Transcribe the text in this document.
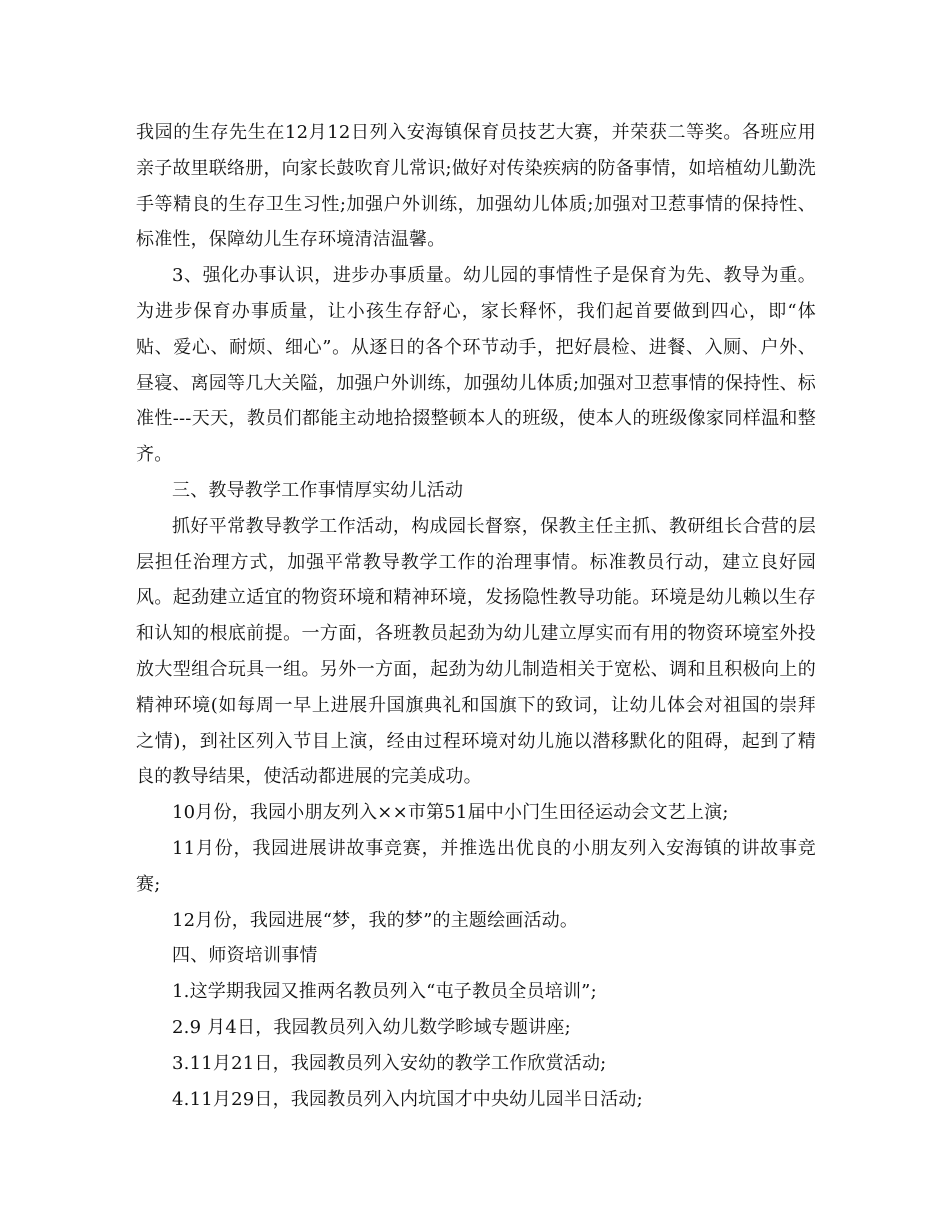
我园的生存先生在12月12日列入安海镇保育员技艺大赛，并荣获二等奖。各班应用亲子故里联络册，向家长鼓吹育儿常识;做好对传染疾病的防备事情，如培植幼儿勤洗手等精良的生存卫生习性;加强户外训练，加强幼儿体质;加强对卫惹事情的保持性、标准性，保障幼儿生存环境清洁温馨。

3、强化办事认识，进步办事质量。幼儿园的事情性子是保育为先、教导为重。为进步保育办事质量，让小孩生存舒心，家长释怀，我们起首要做到四心，即“体贴、爱心、耐烦、细心”。从逐日的各个环节动手，把好晨检、进餐、入厕、户外、昼寝、离园等几大关隘，加强户外训练，加强幼儿体质;加强对卫惹事情的保持性、标准性---天天，教员们都能主动地拾掇整顿本人的班级，使本人的班级像家同样温和整齐。

三、教导教学工作事情厚实幼儿活动

抓好平常教导教学工作活动，构成园长督察，保教主任主抓、教研组长合营的层层担任治理方式，加强平常教导教学工作的治理事情。标准教员行动，建立良好园风。起劲建立适宜的物资环境和精神环境，发扬隐性教导功能。环境是幼儿赖以生存和认知的根底前提。一方面，各班教员起劲为幼儿建立厚实而有用的物资环境室外投放大型组合玩具一组。另外一方面，起劲为幼儿制造相关于宽松、调和且积极向上的精神环境(如每周一早上进展升国旗典礼和国旗下的致词，让幼儿体会对祖国的崇拜之情)，到社区列入节目上演，经由过程环境对幼儿施以潜移默化的阻碍，起到了精良的教导结果，使活动都进展的完美成功。

10月份，我园小朋友列入××市第51届中小门生田径运动会文艺上演;

11月份，我园进展讲故事竞赛，并推选出优良的小朋友列入安海镇的讲故事竞赛;

12月份，我园进展“梦，我的梦”的主题绘画活动。

四、师资培训事情

1.这学期我园又推两名教员列入“屯子教员全员培训”;

2.9 月4日，我园教员列入幼儿数学畛域专题讲座;

3.11月21日，我园教员列入安幼的教学工作欣赏活动;

4.11月29日，我园教员列入内坑国才中央幼儿园半日活动;
